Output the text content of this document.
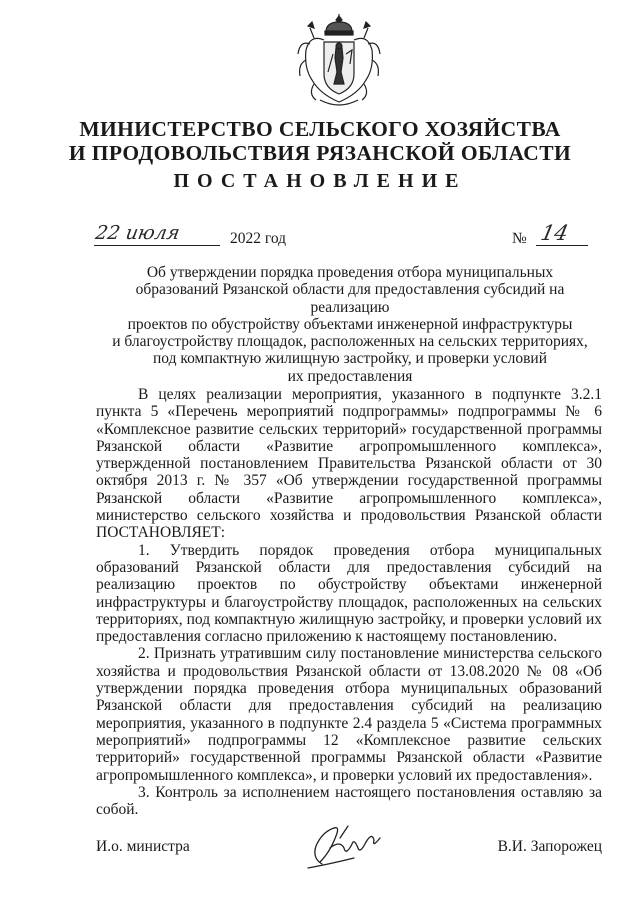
МИНИСТЕРСТВО СЕЛЬСКОГО ХОЗЯЙСТВА
И ПРОДОВОЛЬСТВИЯ РЯЗАНСКОЙ ОБЛАСТИ
ПОСТАНОВЛЕНИЕ
22 июля	2022 год	№ 14
Об утверждении порядка проведения отбора муниципальных
образований Рязанской области для предоставления субсидий на реализацию
проектов по обустройству объектами инженерной инфраструктуры
и благоустройству площадок, расположенных на сельских территориях,
под компактную жилищную застройку, и проверки условий
их предоставления

В целях реализации мероприятия, указанного в подпункте 3.2.1 пункта 5 «Перечень мероприятий подпрограммы» подпрограммы № 6 «Комплексное развитие сельских территорий» государственной программы Рязанской области «Развитие агропромышленного комплекса», утвержденной постановлением Правительства Рязанской области от 30 октября 2013 г. № 357 «Об утверждении государственной программы Рязанской области «Развитие агропромышленного комплекса», министерство сельского хозяйства и продовольствия Рязанской области ПОСТАНОВЛЯЕТ:

1. Утвердить порядок проведения отбора муниципальных образований Рязанской области для предоставления субсидий на реализацию проектов по обустройству объектами инженерной инфраструктуры и благоустройству площадок, расположенных на сельских территориях, под компактную жилищную застройку, и проверки условий их предоставления согласно приложению к настоящему постановлению.

2. Признать утратившим силу постановление министерства сельского хозяйства и продовольствия Рязанской области от 13.08.2020 № 08 «Об утверждении порядка проведения отбора муниципальных образований Рязанской области для предоставления субсидий на реализацию мероприятия, указанного в подпункте 2.4 раздела 5 «Система программных мероприятий» подпрограммы 12 «Комплексное развитие сельских территорий» государственной программы Рязанской области «Развитие агропромышленного комплекса», и проверки условий их предоставления».

3. Контроль за исполнением настоящего постановления оставляю за собой.

И.о. министра	В.И. Запорожец
